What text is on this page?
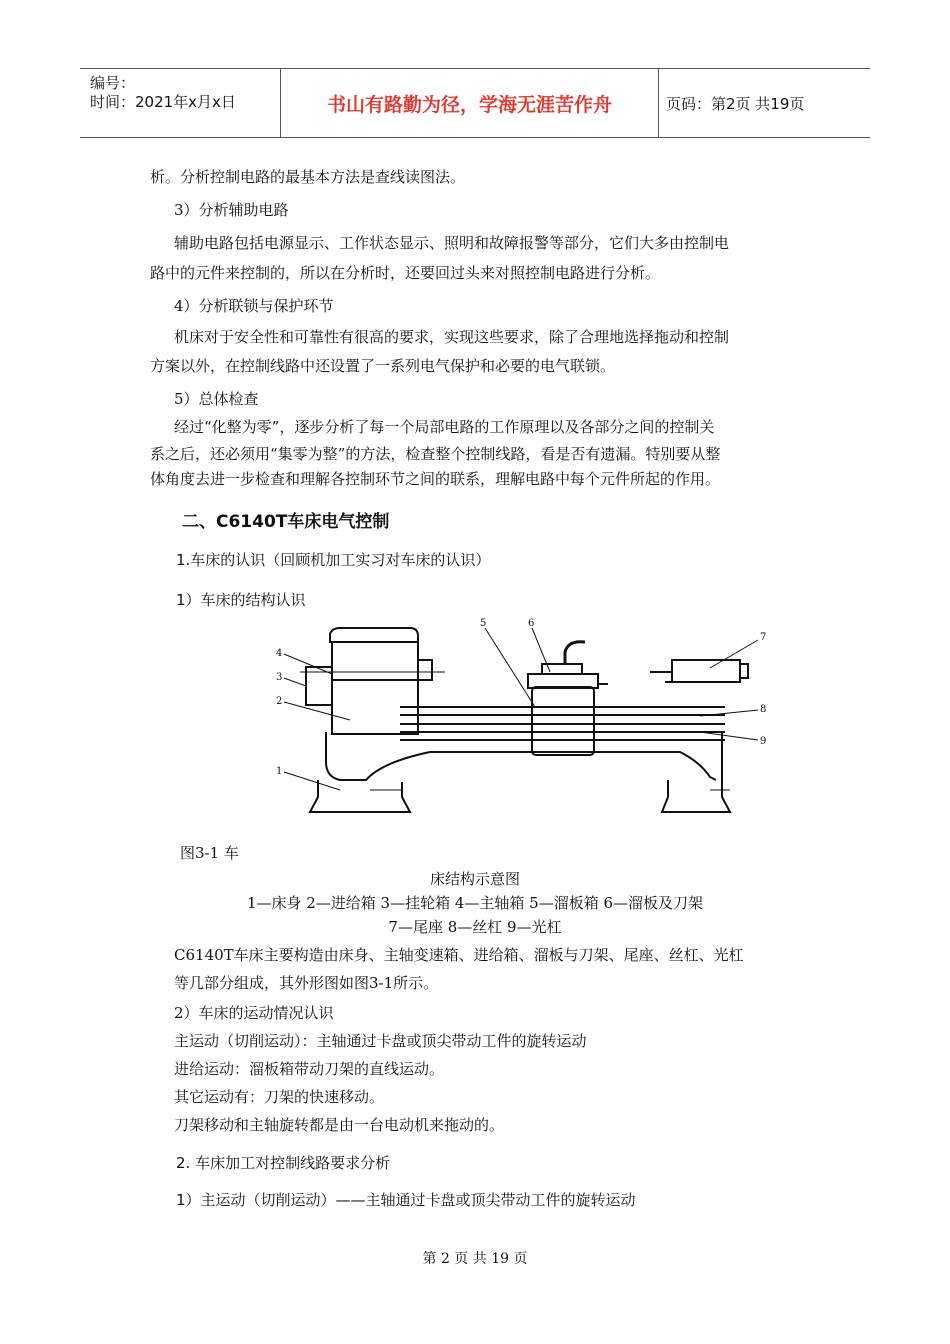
编号：
时间：2021年x月x日	书山有路勤为径，学海无涯苦作舟	页码：第2页 共19页
析。分析控制电路的最基本方法是查线读图法。
3）分析辅助电路
辅助电路包括电源显示、工作状态显示、照明和故障报警等部分，它们大多由控制电
路中的元件来控制的，所以在分析时，还要回过头来对照控制电路进行分析。
4）分析联锁与保护环节
机床对于安全性和可靠性有很高的要求，实现这些要求，除了合理地选择拖动和控制
方案以外，在控制线路中还设置了一系列电气保护和必要的电气联锁。
5）总体检查
经过“化整为零”，逐步分析了每一个局部电路的工作原理以及各部分之间的控制关
系之后，还必须用“集零为整”的方法，检查整个控制线路，看是否有遗漏。特别要从整
体角度去进一步检查和理解各控制环节之间的联系，理解电路中每个元件所起的作用。
二、C6140T车床电气控制
1.车床的认识（回顾机加工实习对车床的认识）
1）车床的结构认识
4
3
2
1
5	6
7
8
9
图3-1 车
床结构示意图
1—床身 2—进给箱 3—挂轮箱 4—主轴箱 5—溜板箱 6—溜板及刀架
7—尾座 8—丝杠 9—光杠
C6140T车床主要构造由床身、主轴变速箱、进给箱、溜板与刀架、尾座、丝杠、光杠
等几部分组成，其外形图如图3-1所示。
2）车床的运动情况认识
主运动（切削运动）：主轴通过卡盘或顶尖带动工件的旋转运动
进给运动：溜板箱带动刀架的直线运动。
其它运动有：刀架的快速移动。
刀架移动和主轴旋转都是由一台电动机来拖动的。
2. 车床加工对控制线路要求分析
1）主运动（切削运动）——主轴通过卡盘或顶尖带动工件的旋转运动
第 2 页 共 19 页
